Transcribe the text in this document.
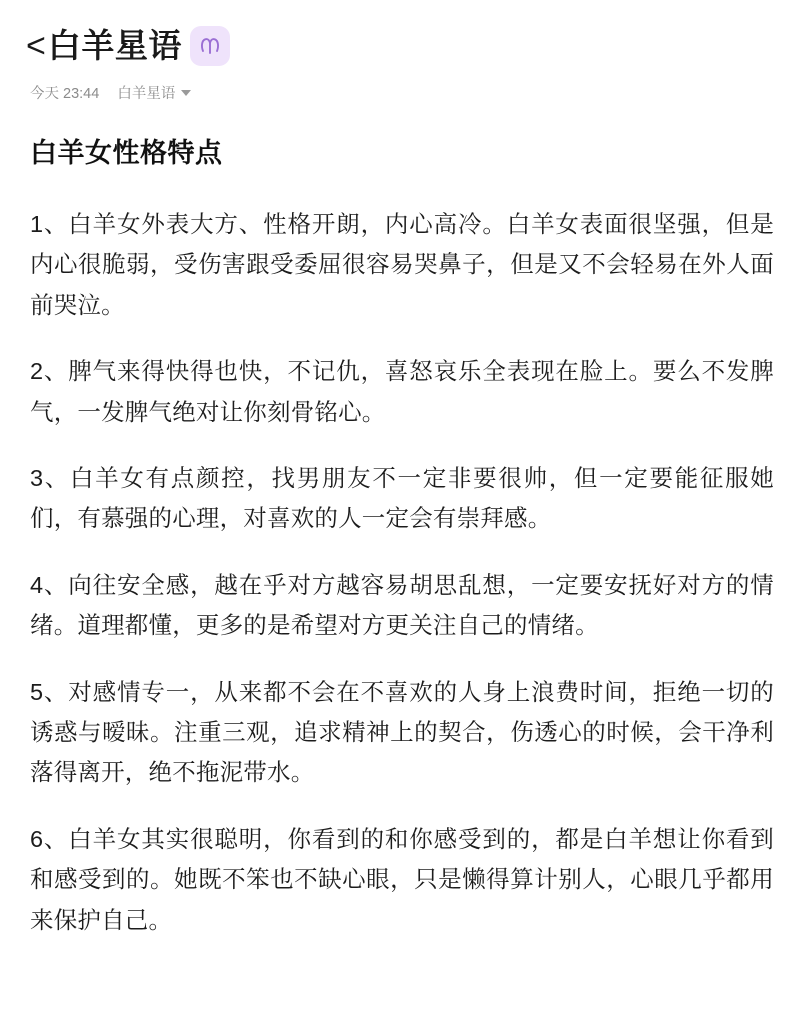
< 白羊星语
今天 23:44 白羊星语
白羊女性格特点

1、白羊女外表大方、性格开朗，内心高冷。白羊女表面很坚强，但是内心很脆弱，受伤害跟受委屈很容易哭鼻子，但是又不会轻易在外人面前哭泣。

2、脾气来得快得也快，不记仇，喜怒哀乐全表现在脸上。要么不发脾气，一发脾气绝对让你刻骨铭心。

3、白羊女有点颜控，找男朋友不一定非要很帅，但一定要能征服她们，有慕强的心理，对喜欢的人一定会有崇拜感。

4、向往安全感，越在乎对方越容易胡思乱想，一定要安抚好对方的情绪。道理都懂，更多的是希望对方更关注自己的情绪。

5、对感情专一，从来都不会在不喜欢的人身上浪费时间，拒绝一切的诱惑与暧昧。注重三观，追求精神上的契合，伤透心的时候，会干净利落得离开，绝不拖泥带水。

6、白羊女其实很聪明，你看到的和你感受到的，都是白羊想让你看到和感受到的。她既不笨也不缺心眼，只是懒得算计别人，心眼几乎都用来保护自己。
